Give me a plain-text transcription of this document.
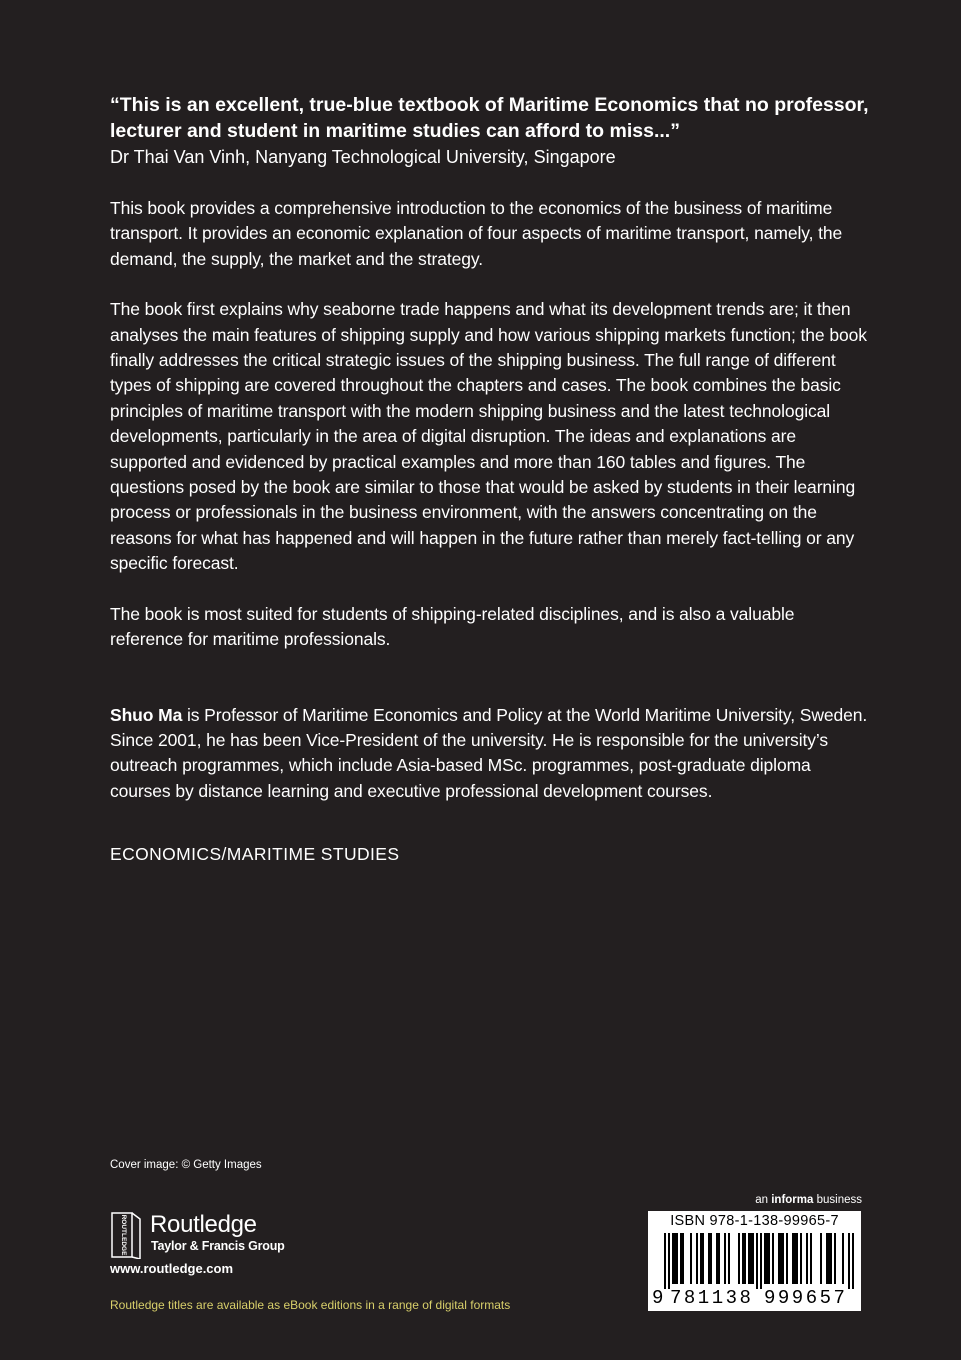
“This is an excellent, true-blue textbook of Maritime Economics that no professor, lecturer and student in maritime studies can afford to miss...”

Dr Thai Van Vinh, Nanyang Technological University, Singapore

This book provides a comprehensive introduction to the economics of the business of maritime transport. It provides an economic explanation of four aspects of maritime transport, namely, the demand, the supply, the market and the strategy.

The book first explains why seaborne trade happens and what its development trends are; it then analyses the main features of shipping supply and how various shipping markets function; the book finally addresses the critical strategic issues of the shipping business. The full range of different types of shipping are covered throughout the chapters and cases. The book combines the basic principles of maritime transport with the modern shipping business and the latest technological developments, particularly in the area of digital disruption. The ideas and explanations are supported and evidenced by practical examples and more than 160 tables and figures. The questions posed by the book are similar to those that would be asked by students in their learning process or professionals in the business environment, with the answers concentrating on the reasons for what has happened and will happen in the future rather than merely fact-telling or any specific forecast.

The book is most suited for students of shipping-related disciplines, and is also a valuable reference for maritime professionals.

Shuo Ma is Professor of Maritime Economics and Policy at the World Maritime University, Sweden. Since 2001, he has been Vice-President of the university. He is responsible for the university’s outreach programmes, which include Asia-based MSc. programmes, post-graduate diploma courses by distance learning and executive professional development courses.

ECONOMICS/MARITIME STUDIES
Cover image: © Getty Images
ROUTLEDGE Routledge
Taylor & Francis Group
www.routledge.com
Routledge titles are available as eBook editions in a range of digital formats
an informa business
ISBN 978-1-138-99965-7
9 781138 999657
